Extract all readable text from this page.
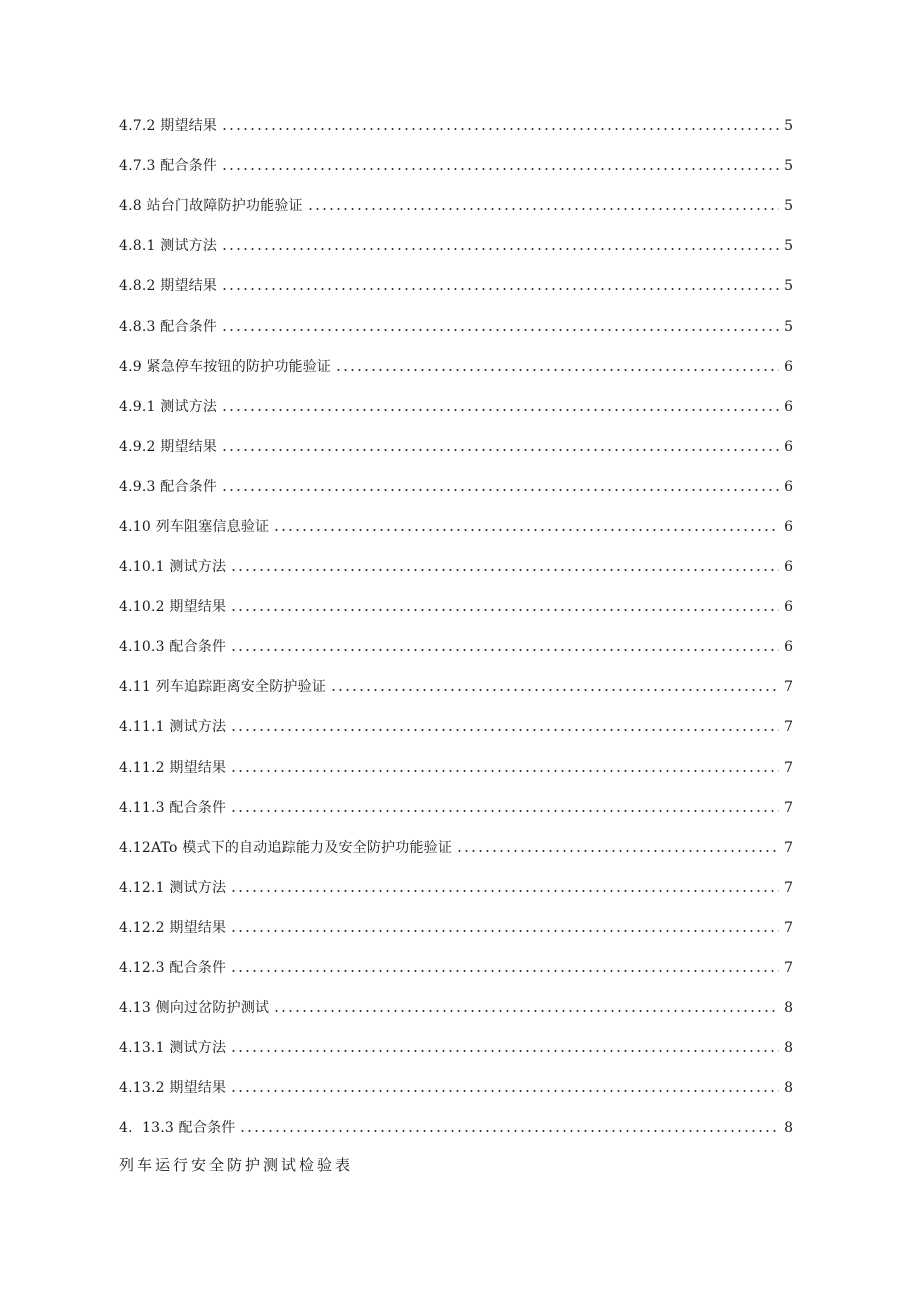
4.7.2 期望结果	5
4.7.3 配合条件	5
4.8 站台门故障防护功能验证	5
4.8.1 测试方法	5
4.8.2 期望结果	5
4.8.3 配合条件	5
4.9 紧急停车按钮的防护功能验证	6
4.9.1 测试方法	6
4.9.2 期望结果	6
4.9.3 配合条件	6
4.10 列车阻塞信息验证	6
4.10.1 测试方法	6
4.10.2 期望结果	6
4.10.3 配合条件	6
4.11 列车追踪距离安全防护验证	7
4.11.1 测试方法	7
4.11.2 期望结果	7
4.11.3 配合条件	7
4.12ATo 模式下的自动追踪能力及安全防护功能验证	7
4.12.1 测试方法	7
4.12.2 期望结果	7
4.12.3 配合条件	7
4.13 侧向过岔防护测试	8
4.13.1 测试方法	8
4.13.2 期望结果	8
4.  13.3 配合条件	8
列车运行安全防护测试检验表
